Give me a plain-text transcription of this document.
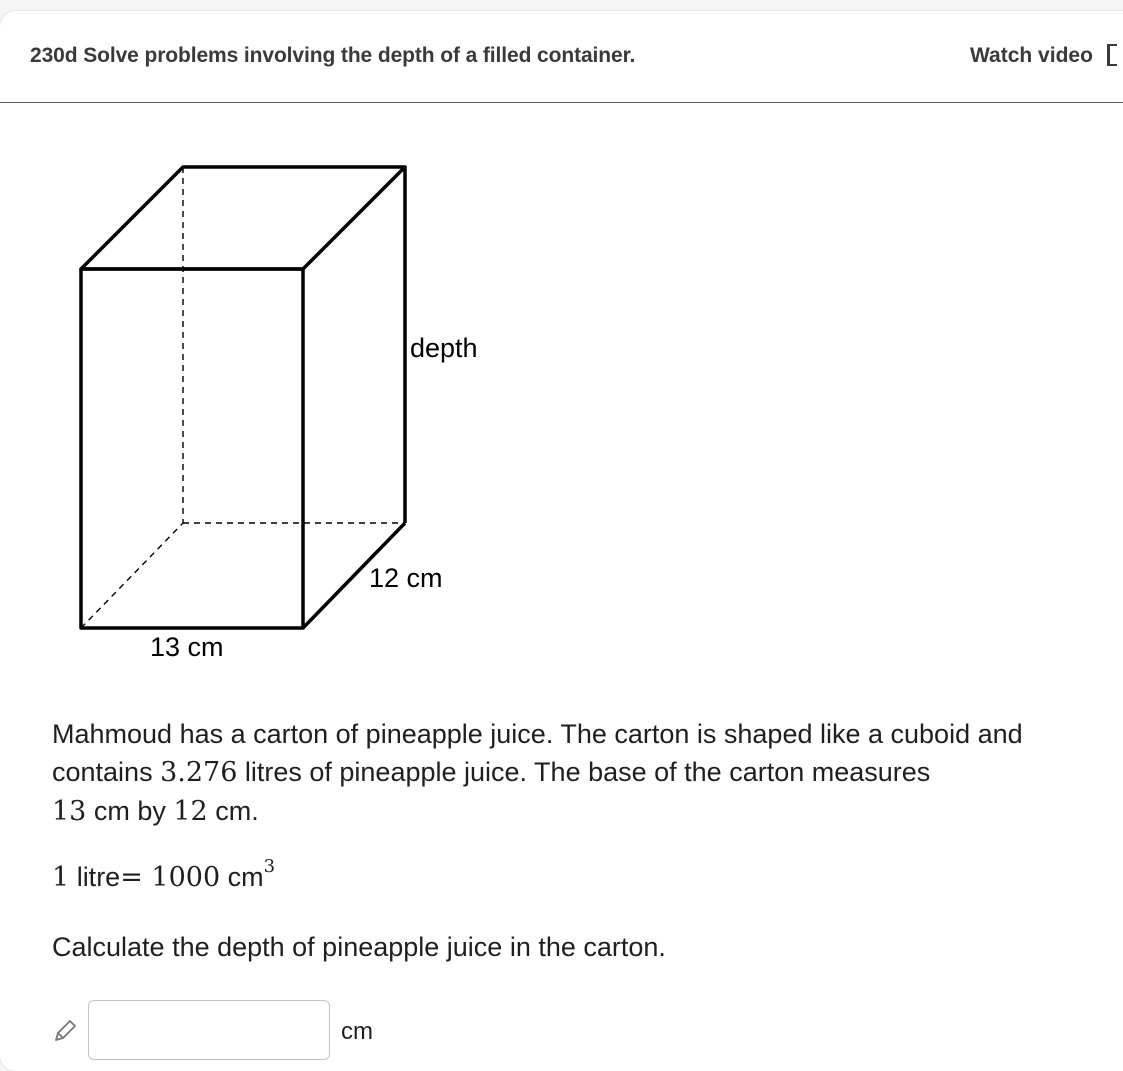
230d Solve problems involving the depth of a filled container.	Watch video
depth
12 cm
13 cm

Mahmoud has a carton of pineapple juice. The carton is shaped like a cuboid and contains 3.276 litres of pineapple juice. The base of the carton measures
13 cm by 12 cm.

1 litre= 1000 $cm^3$
Calculate the depth of pineapple juice in the carton.
cm
